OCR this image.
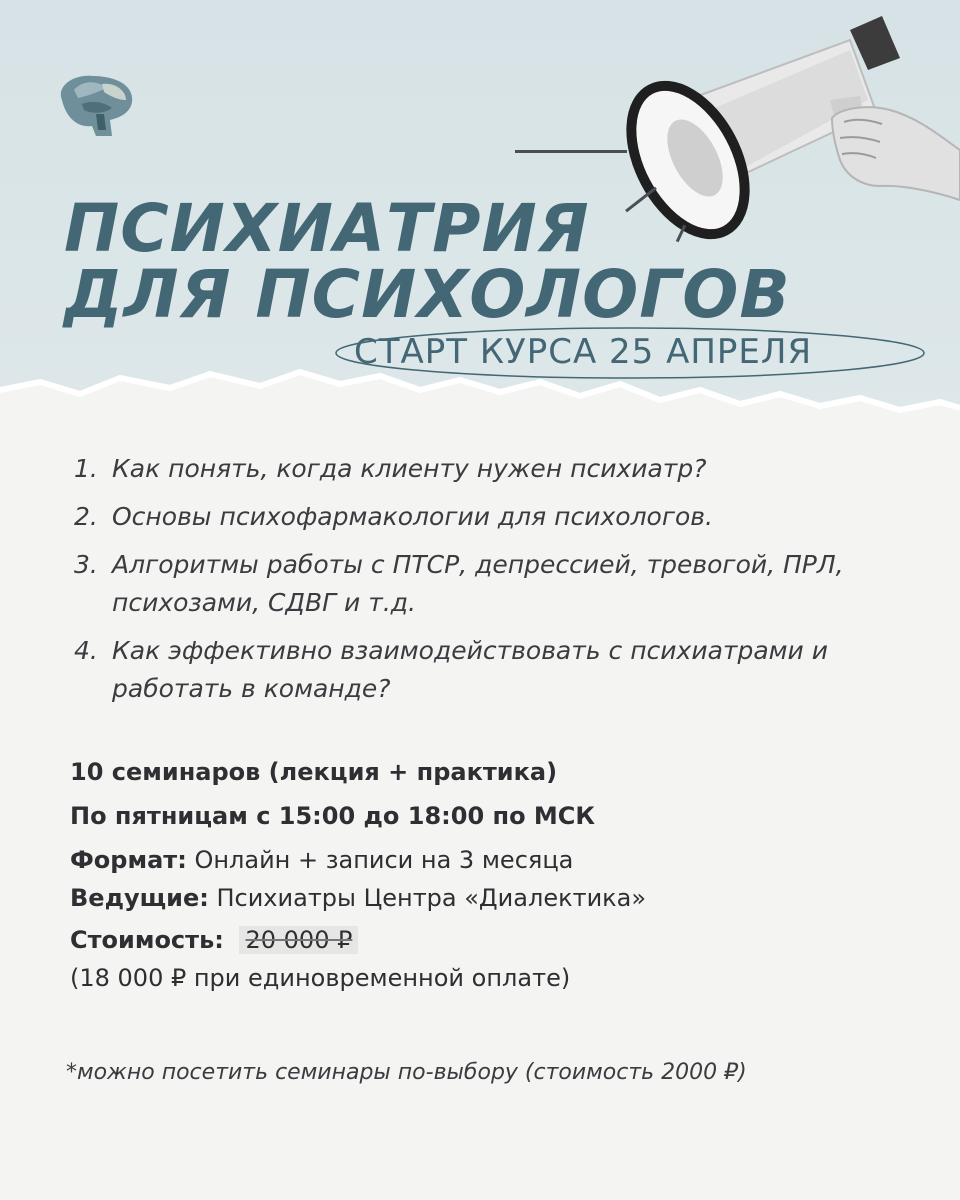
ПСИХИАТРИЯ
ДЛЯ ПСИХОЛОГОВ
СТАРТ КУРСА 25 АПРЕЛЯ
1. Как понять, когда клиенту нужен психиатр?
2. Основы психофармакологии для психологов.
3. Алгоритмы работы с ПТСР, депрессией, тревогой, ПРЛ, психозами, СДВГ и т.д.
4. Как эффективно взаимодействовать с психиатрами и работать в команде?
10 семинаров (лекция + практика)
По пятницам с 15:00 до 18:00 по МСК
Формат: Онлайн + записи на 3 месяца
Ведущие: Психиатры Центра «Диалектика»
Стоимость: 20 000 ₽
(18 000 ₽ при единовременной оплате)
*можно посетить семинары по-выбору (стоимость 2000 ₽)
